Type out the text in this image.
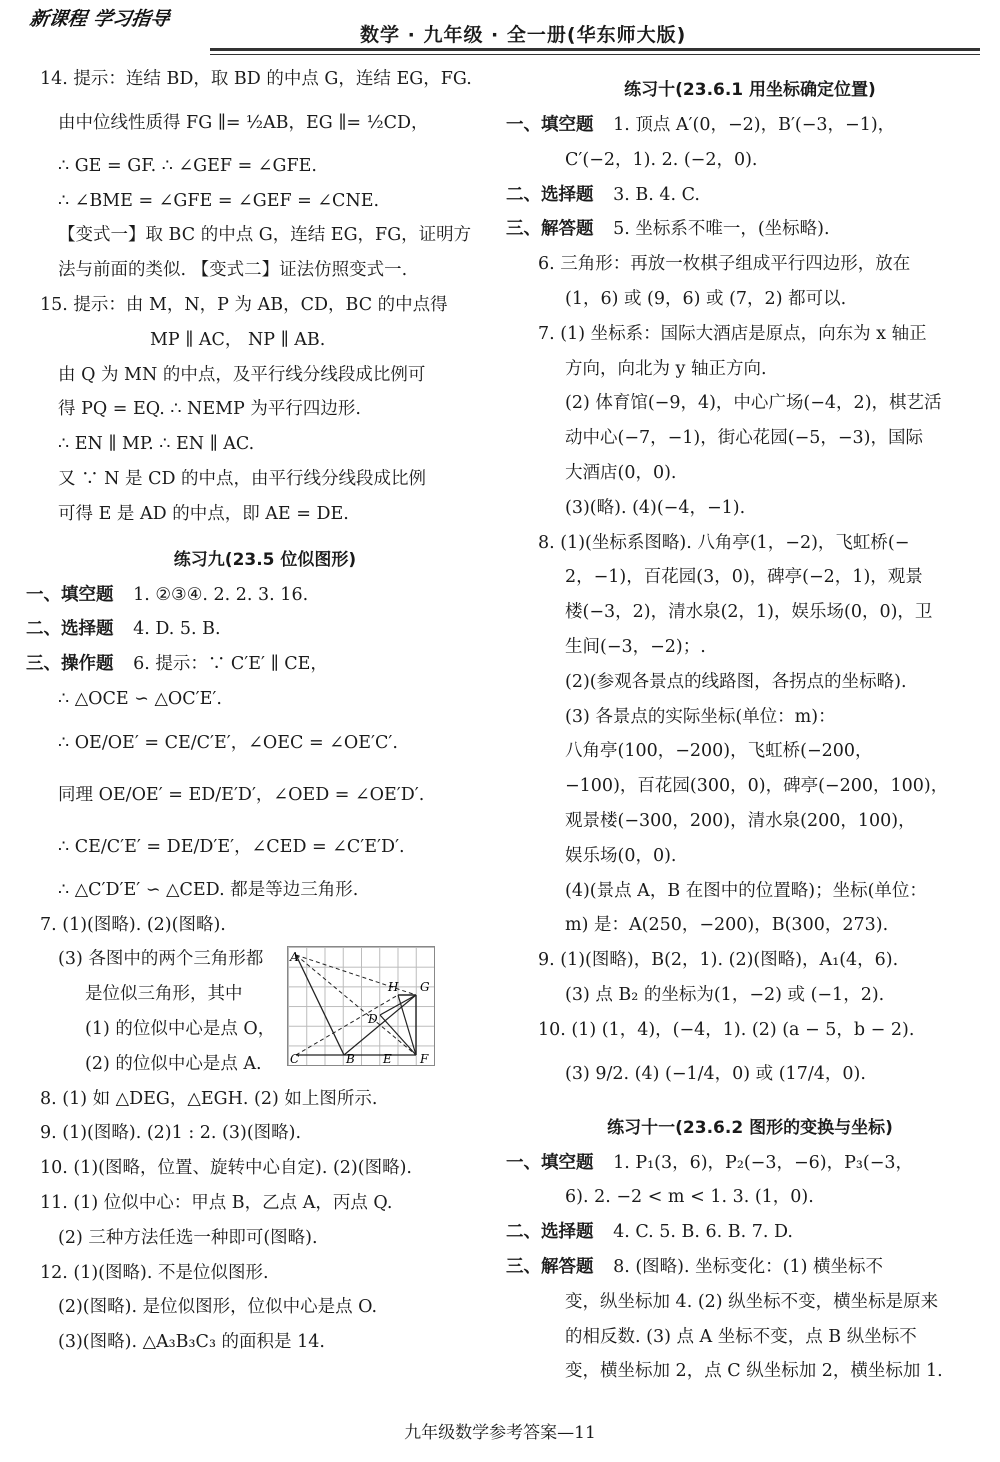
新课程 学习指导
数学 · 九年级 · 全一册(华东师大版)
14. 提示：连结 BD，取 BD 的中点 G，连结 EG，FG.
由中位线性质得 FG ∥= ½AB，EG ∥= ½CD，
∴ GE = GF. ∴ ∠GEF = ∠GFE.
∴ ∠BME = ∠GFE = ∠GEF = ∠CNE.
【变式一】取 BC 的中点 G，连结 EG，FG，证明方
法与前面的类似. 【变式二】证法仿照变式一.
15. 提示：由 M，N，P 为 AB，CD，BC 的中点得
MP ∥ AC， NP ∥ AB.
由 Q 为 MN 的中点，及平行线分线段成比例可
得 PQ = EQ. ∴ NEMP 为平行四边形.
∴ EN ∥ MP. ∴ EN ∥ AC.
又 ∵ N 是 CD 的中点，由平行线分线段成比例
可得 E 是 AD 的中点，即 AE = DE.
练习九(23.5 位似图形)
一、填空题 1. ②③④. 2. 2. 3. 16.
二、选择题 4. D. 5. B.
三、操作题 6. 提示：∵ C′E′ ∥ CE，
∴ △OCE ∽ △OC′E′.
∴ OE/OE′ = CE/C′E′，∠OEC = ∠OE′C′.
同理 OE/OE′ = ED/E′D′，∠OED = ∠OE′D′.
∴ CE/C′E′ = DE/D′E′，∠CED = ∠C′E′D′.
∴ △C′D′E′ ∽ △CED. 都是等边三角形.
7. (1)(图略). (2)(图略).
(3) 各图中的两个三角形都
是位似三角形，其中
(1) 的位似中心是点 O，
(2) 的位似中心是点 A.
A
H G
D
C	B E F
8. (1) 如 △DEG，△EGH. (2) 如上图所示.
9. (1)(图略). (2)1 : 2. (3)(图略).
10. (1)(图略，位置、旋转中心自定). (2)(图略).
11. (1) 位似中心：甲点 B，乙点 A，丙点 Q.
(2) 三种方法任选一种即可(图略).
12. (1)(图略). 不是位似图形.
(2)(图略). 是位似图形，位似中心是点 O.
(3)(图略). △A₃B₃C₃ 的面积是 14.
练习十(23.6.1 用坐标确定位置)
一、填空题 1. 顶点 A′(0，−2)，B′(−3，−1)，
C′(−2，1). 2. (−2，0).
二、选择题 3. B. 4. C.
三、解答题 5. 坐标系不唯一，(坐标略).
6. 三角形：再放一枚棋子组成平行四边形，放在
(1，6) 或 (9，6) 或 (7，2) 都可以.
7. (1) 坐标系：国际大酒店是原点，向东为 x 轴正
方向，向北为 y 轴正方向.
(2) 体育馆(−9，4)，中心广场(−4，2)，棋艺活
动中心(−7，−1)，街心花园(−5，−3)，国际
大酒店(0，0).
(3)(略). (4)(−4，−1).
8. (1)(坐标系图略). 八角亭(1，−2)，飞虹桥(−
2，−1)，百花园(3，0)，碑亭(−2，1)，观景
楼(−3，2)，清水泉(2，1)，娱乐场(0，0)，卫
生间(−3，−2)；.
(2)(参观各景点的线路图，各拐点的坐标略).
(3) 各景点的实际坐标(单位：m)：
八角亭(100，−200)，飞虹桥(−200，
−100)，百花园(300，0)，碑亭(−200，100)，
观景楼(−300，200)，清水泉(200，100)，
娱乐场(0，0).
(4)(景点 A，B 在图中的位置略)；坐标(单位：
m) 是：A(250，−200)，B(300，273).
9. (1)(图略)，B(2，1). (2)(图略)，A₁(4，6).
(3) 点 B₂ 的坐标为(1，−2) 或 (−1，2).
10. (1) (1，4)，(−4，1). (2) (a − 5，b − 2).
(3) 9/2. (4) (−1/4，0) 或 (17/4，0).
练习十一(23.6.2 图形的变换与坐标)
一、填空题 1. P₁(3，6)，P₂(−3，−6)，P₃(−3，
6). 2. −2 < m < 1. 3. (1，0).
二、选择题 4. C. 5. B. 6. B. 7. D.
三、解答题 8. (图略). 坐标变化：(1) 横坐标不
变，纵坐标加 4. (2) 纵坐标不变，横坐标是原来
的相反数. (3) 点 A 坐标不变，点 B 纵坐标不
变，横坐标加 2，点 C 纵坐标加 2，横坐标加 1.
九年级数学参考答案—11
